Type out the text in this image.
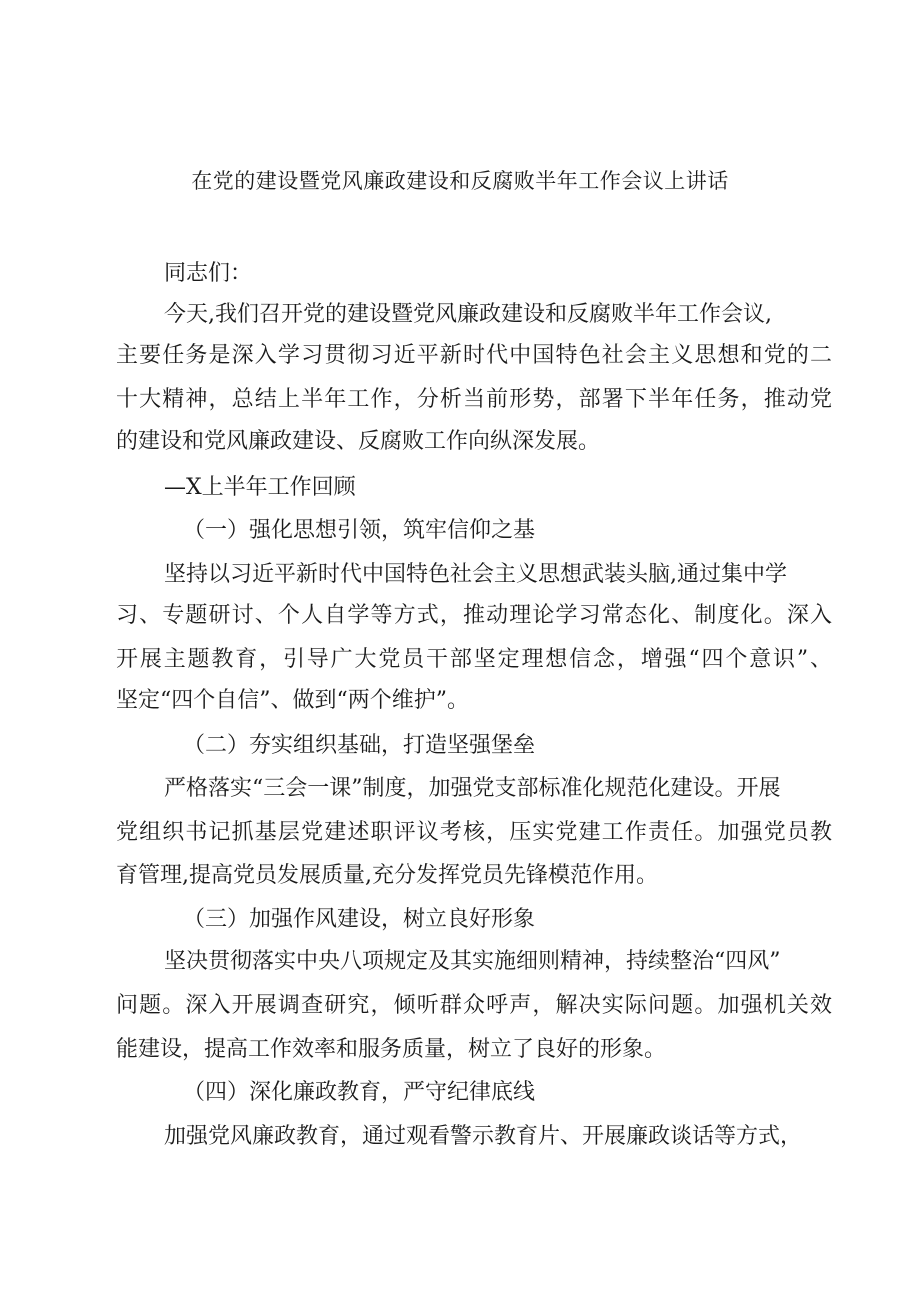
在党的建设暨党风廉政建设和反腐败半年工作会议上讲话
同志们：
今天,我们召开党的建设暨党风廉政建设和反腐败半年工作会议,
主要任务是深入学习贯彻习近平新时代中国特色社会主义思想和党的二
十大精神，总结上半年工作，分析当前形势，部署下半年任务，推动党
的建设和党风廉政建设、反腐败工作向纵深发展。
—X上半年工作回顾
（一）强化思想引领，筑牢信仰之基
坚持以习近平新时代中国特色社会主义思想武装头脑,通过集中学
习、专题研讨、个人自学等方式，推动理论学习常态化、制度化。深入
开展主题教育，引导广大党员干部坚定理想信念，增强“四个意识”、
坚定“四个自信”、做到“两个维护”。
（二）夯实组织基础，打造坚强堡垒
严格落实“三会一课”制度，加强党支部标准化规范化建设。开展
党组织书记抓基层党建述职评议考核，压实党建工作责任。加强党员教
育管理,提高党员发展质量,充分发挥党员先锋模范作用。
（三）加强作风建设，树立良好形象
坚决贯彻落实中央八项规定及其实施细则精神，持续整治“四风”
问题。深入开展调查研究，倾听群众呼声，解决实际问题。加强机关效
能建设，提高工作效率和服务质量，树立了良好的形象。
（四）深化廉政教育，严守纪律底线
加强党风廉政教育，通过观看警示教育片、开展廉政谈话等方式，
